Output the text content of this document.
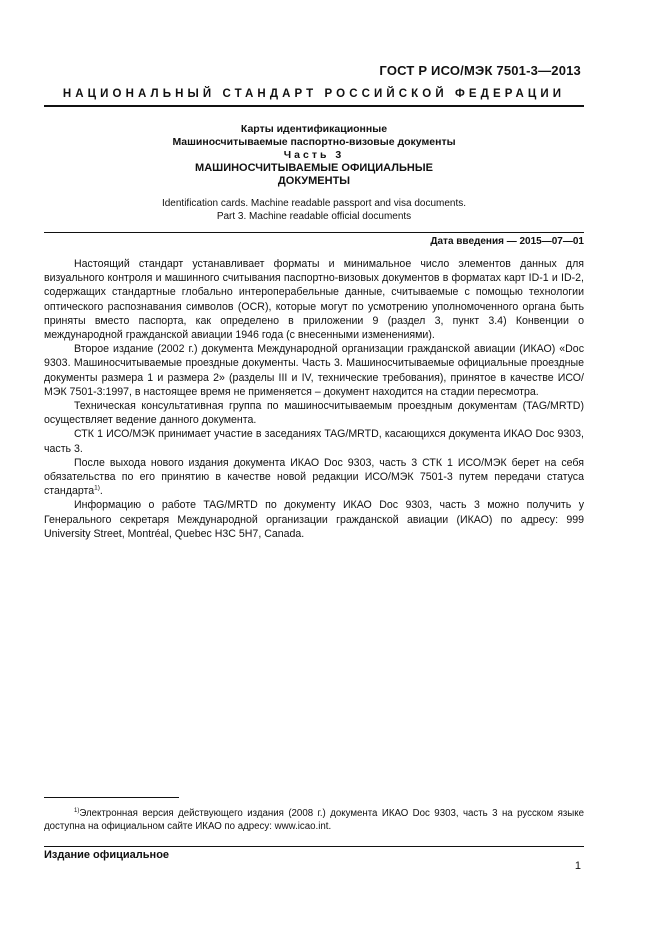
ГОСТ Р ИСО/МЭК 7501-3—2013
НАЦИОНАЛЬНЫЙ СТАНДАРТ РОССИЙСКОЙ ФЕДЕРАЦИИ
Карты идентификационные
Машиносчитываемые паспортно-визовые документы
Часть 3
МАШИНОСЧИТЫВАЕМЫЕ ОФИЦИАЛЬНЫЕ
ДОКУМЕНТЫ
Identification cards. Machine readable passport and visa documents.
Part 3. Machine readable official documents
Дата введения — 2015—07—01

Настоящий стандарт устанавливает форматы и минимальное число элементов данных для визуального контроля и машинного считывания паспортно-визовых документов в форматах карт ID-1 и ID-2, содержащих стандартные глобально интероперабельные данные, считываемые с помощью технологии оптического распознавания символов (OCR), которые могут по усмотрению уполномоченного органа быть приняты вместо паспорта, как определено в приложении 9 (раздел 3, пункт 3.4) Конвенции о международной гражданской авиации 1946 года (с внесенными изменениями).

Второе издание (2002 г.) документа Международной организации гражданской авиации (ИКАО) «Doc 9303. Машиносчитываемые проездные документы. Часть 3. Машиносчитываемые официальные проездные документы размера 1 и размера 2» (разделы III и IV, технические требования), принятое в качестве ИСО/МЭК 7501-3:1997, в настоящее время не применяется – документ находится на стадии пересмотра.

Техническая консультативная группа по машиносчитываемым проездным документам (TAG/MRTD) осуществляет ведение данного документа.

СТК 1 ИСО/МЭК принимает участие в заседаниях TAG/MRTD, касающихся документа ИКАО Doc 9303, часть 3.

После выхода нового издания документа ИКАО Doc 9303, часть 3 СТК 1 ИСО/МЭК берет на себя обязательства по его принятию в качестве новой редакции ИСО/МЭК 7501-3 путем передачи статуса стандарта$^{1)}$.

Информацию о работе TAG/MRTD по документу ИКАО Doc 9303, часть 3 можно получить у Генерального секретаря Международной организации гражданской авиации (ИКАО) по адресу: 999 University Street, Montréal, Quebec H3C 5H7, Canada.

$^{1)}$Электронная версия действующего издания (2008 г.) документа ИКАО Doc 9303, часть 3 на русском языке доступна на официальном сайте ИКАО по адресу: www.icao.int.

Издание официальное
1
